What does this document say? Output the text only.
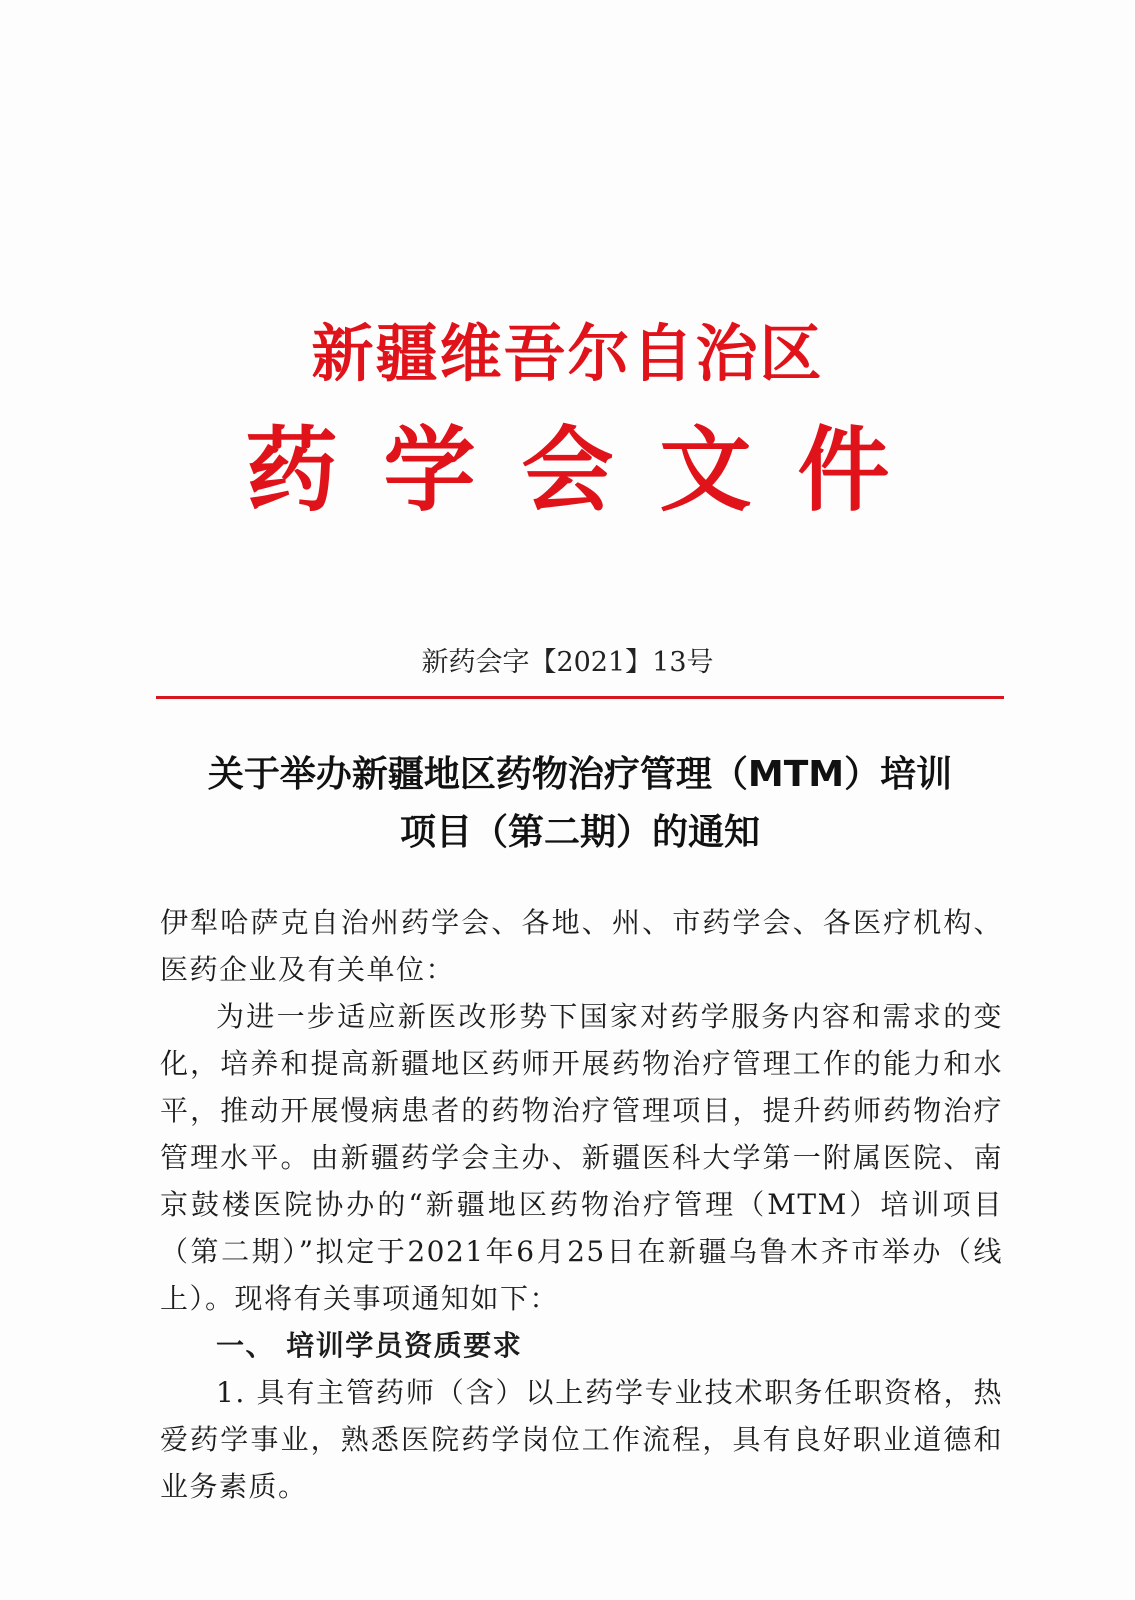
新疆维吾尔自治区
药学会文件
新药会字【2021】13号
关于举办新疆地区药物治疗管理（MTM）培训
项目（第二期）的通知

伊犁哈萨克自治州药学会、各地、州、市药学会、各医疗机构、医药企业及有关单位：

为进一步适应新医改形势下国家对药学服务内容和需求的变化，培养和提高新疆地区药师开展药物治疗管理工作的能力和水平，推动开展慢病患者的药物治疗管理项目，提升药师药物治疗管理水平。由新疆药学会主办、新疆医科大学第一附属医院、南京鼓楼医院协办的“新疆地区药物治疗管理（MTM）培训项目（第二期）”拟定于2021年6月25日在新疆乌鲁木齐市举办（线上）。现将有关事项通知如下：

一、 培训学员资质要求

1. 具有主管药师（含）以上药学专业技术职务任职资格，热爱药学事业，熟悉医院药学岗位工作流程，具有良好职业道德和业务素质。
